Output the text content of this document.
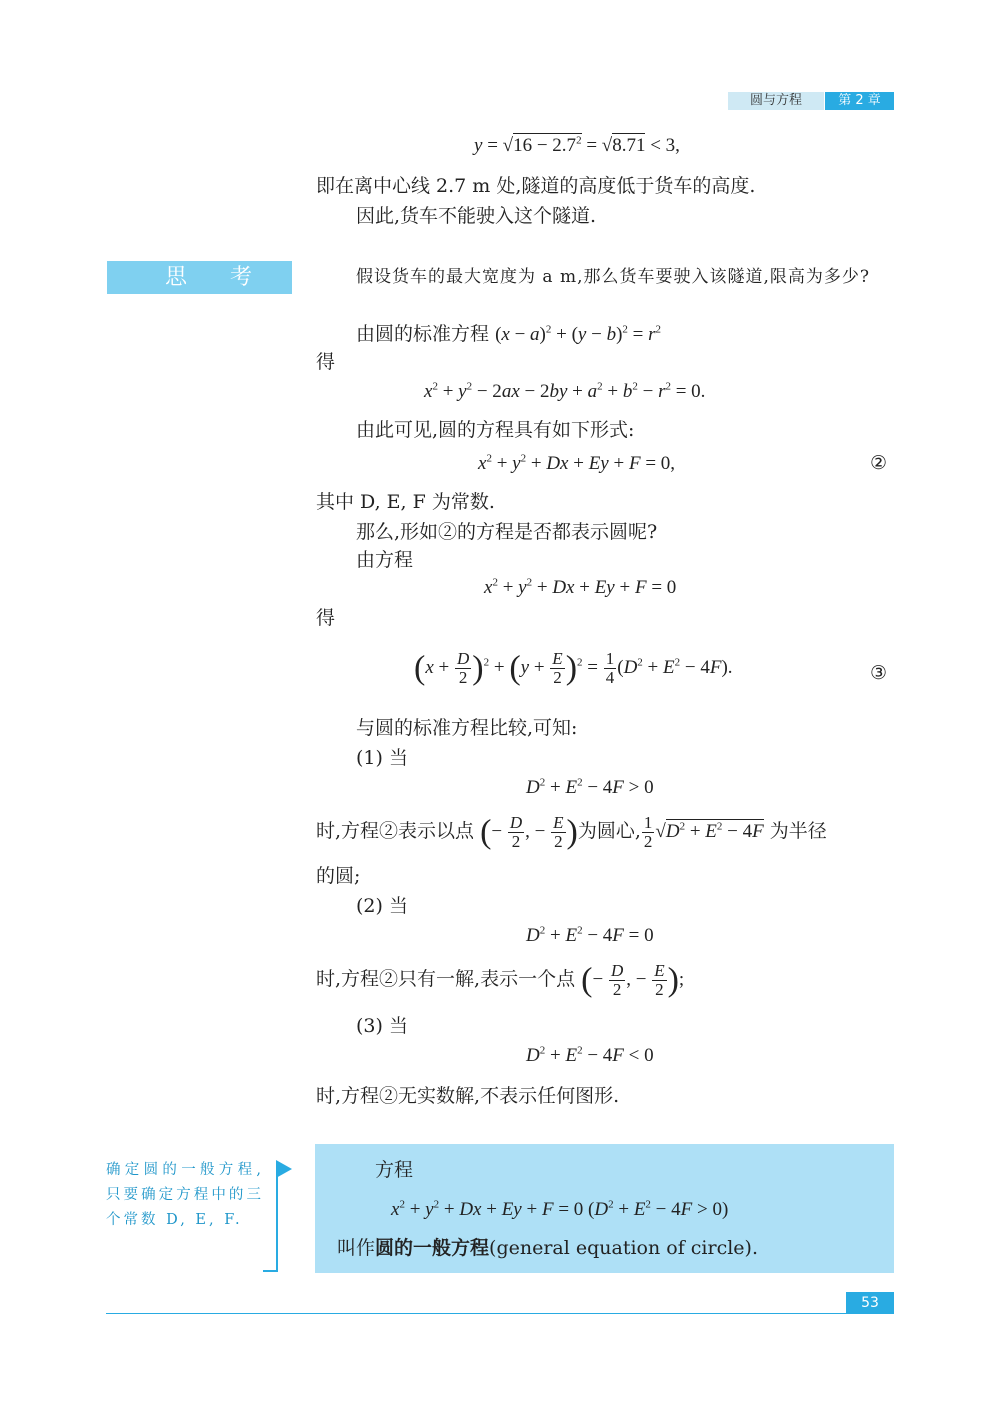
圆与方程	第 2 章
$y = √16 - 2.7^2 = √8.71 < 3$,
即在离中心线 2.7 m 处,隧道的高度低于货车的高度.
因此,货车不能驶入这个隧道.
思 考	假设货车的最大宽度为 a m,那么货车要驶入该隧道,限高为多少?
由圆的标准方程 $(x - a)^2 + (y - b)^2 = r^2$
得
$x^2 + y^2 - 2ax - 2by + a^2 + b^2 - r^2 = 0$.
由此可见,圆的方程具有如下形式:
$x^2 + y^2 + Dx + Ey + F = 0$,	②
其中 D, E, F 为常数.
那么,形如②的方程是否都表示圆呢?
由方程
$x^2 + y^2 + Dx + Ey + F = 0$
得
$(x + \frac{D}{2} )^2 + (y + \frac{E}{2} )^2 = \frac{1}{4} (D^2 + E^2 - 4F)$.	③
与圆的标准方程比较,可知:
(1) 当
$D^2 + E^2 - 4F > 0$
时,方程②表示以点 (− $\frac{D}{2}$ , − $\frac{E}{2}$ )为圆心, $\frac{1}{2} √D^2 + E^2 - 4F$ 为半径
的圆;
(2) 当
$D^2 + E^2 - 4F = 0$
时,方程②只有一解,表示一个点 (− $\frac{D}{2}$ , − $\frac{E}{2}$ );
(3) 当
$D^2 + E^2 - 4F < 0$
时,方程②无实数解,不表示任何图形.
确定圆的一般方程,只要确定方程中的三个常数 D, E, F.
方程
$x^2 + y^2 + Dx + Ey + F = 0$ $(D^2 + E^2 - 4F > 0)$
叫作圆的一般方程(general equation of circle).
53
